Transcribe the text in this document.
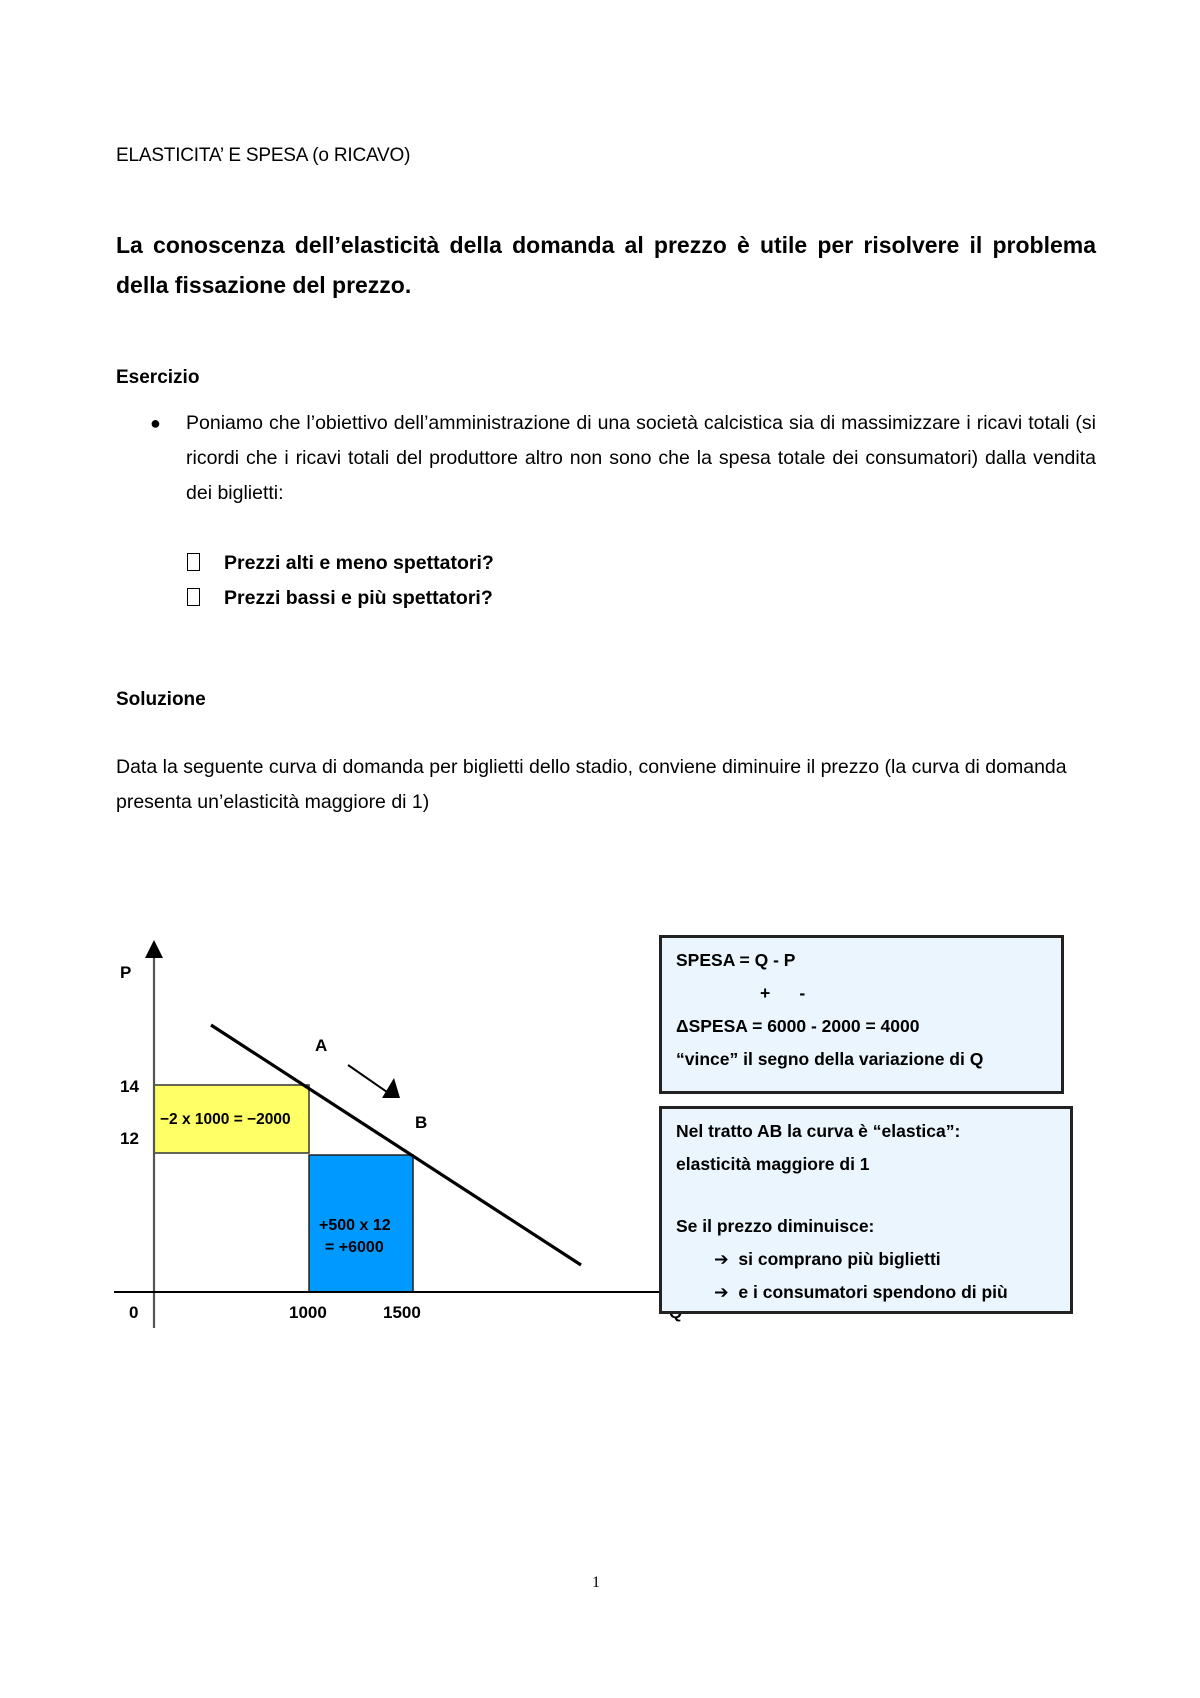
ELASTICITA’ E SPESA (o RICAVO)
La conoscenza dell’elasticità della domanda al prezzo è utile per risolvere il problema della fissazione del prezzo.
Esercizio
● Poniamo che l’obiettivo dell’amministrazione di una società calcistica sia di massimizzare i ricavi totali (si ricordi che i ricavi totali del produttore altro non sono che la spesa totale dei consumatori) dalla vendita dei biglietti:
Prezzi alti e meno spettatori?
Prezzi bassi e più spettatori?
Soluzione
Data la seguente curva di domanda per biglietti dello stadio, conviene diminuire il prezzo (la curva di domanda presenta un’elasticità maggiore di 1)
P
14
12
A
B
−2 x 1000 = −2000
+500 x 12
= +6000
0	1000	1500
SPESA = Q - P
+      -
ΔSPESA = 6000 - 2000 = 4000
“vince” il segno della variazione di Q
Nel tratto AB la curva è “elastica”:
elasticità maggiore di 1
Se il prezzo diminuisce:
➔ si comprano più biglietti
➔ e i consumatori spendono di più
1
